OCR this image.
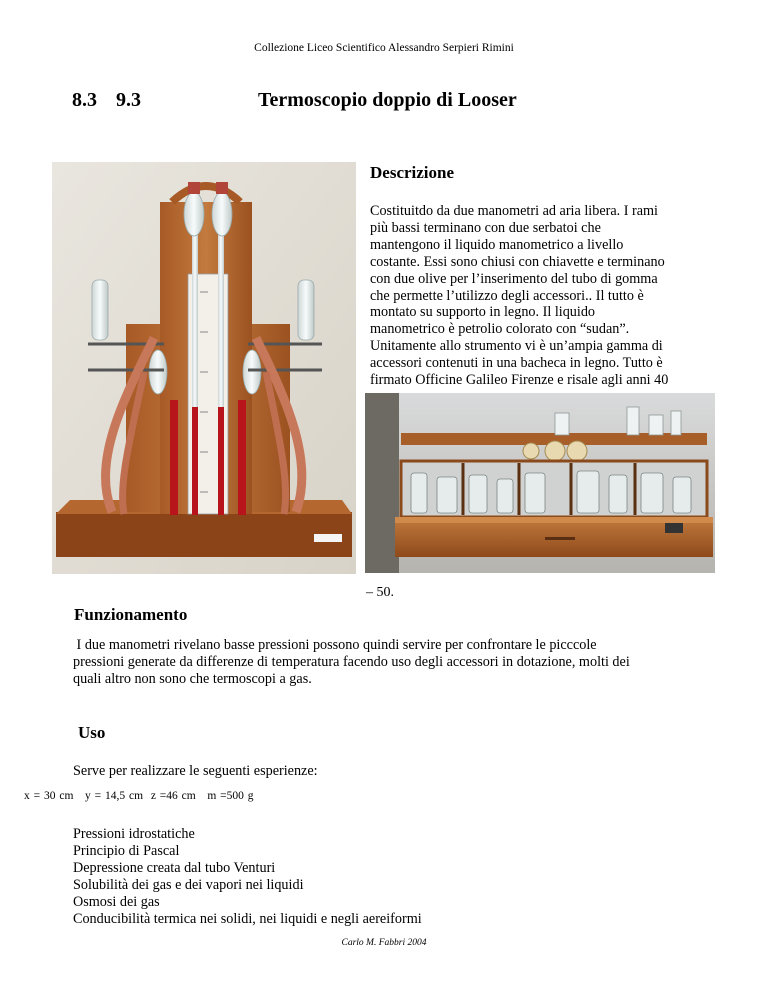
Collezione Liceo Scientifico Alessandro Serpieri Rimini
8.3 9.3	Termoscopio doppio di Looser
Descrizione
Costituitdo da due manometri ad aria libera. I rami
più bassi terminano con due serbatoi che
mantengono il liquido manometrico a livello
costante. Essi sono chiusi con chiavette e terminano
con due olive per l’inserimento del tubo di gomma
che permette l’utilizzo degli accessori.. Il tutto è
montato su supporto in legno. Il liquido
manometrico è petrolio colorato con “sudan”.
Unitamente allo strumento vi è un’ampia gamma di
accessori contenuti in una bacheca in legno. Tutto è
firmato Officine Galileo Firenze e risale agli anni 40
– 50.
Funzionamento
I due manometri rivelano basse pressioni possono quindi servire per confrontare le picccole
pressioni generate da differenze di temperatura facendo uso degli accessori in dotazione, molti dei
quali altro non sono che termoscopi a gas.
Uso
Serve per realizzare le seguenti esperienze:
x = 30 cm   y = 14,5 cm  z =46 cm   m =500 g
Pressioni idrostatiche
Principio di Pascal
Depressione creata dal tubo Venturi
Solubilità dei gas e dei vapori nei liquidi
Osmosi dei gas
Conducibilità termica nei solidi, nei liquidi e negli aereiformi
Carlo M. Fabbri 2004
